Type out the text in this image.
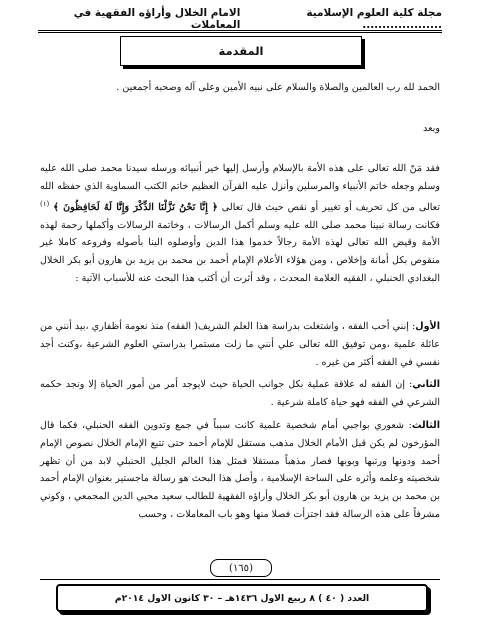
مجلة كلية العلوم الإسلامية ....................
الامام الخلال وأراؤه الفقهية في المعاملات
المقدمة
الحمد لله رب العالمين والصلاة والسلام على نبيه الأمين وعلى آله وصحبه أجمعين .
وبعد
فقد مَنّ الله تعالى على هذه الأمة بالإسلام وأرسل إليها خير أنبيائه ورسله سيدنا محمد صلى الله عليه وسلم وجعله خاتم الأنبياء والمرسلين وأنزل عليه القرآن العظيم خاتم الكتب السماوية الذي حفظه الله تعالى من كل تحريف أو تغيير أو نقص حيث قال تعالى ﴿ إِنَّا نَحْنُ نَزَّلْنَا الذِّكْرَ وَإِنَّا لَهُ لَحَافِظُونَ ﴾ $^{(١)}$ فكانت رسالة نبينا محمد صلى الله عليه وسلم أكمل الرسالات ، وخاتمة الرسالات وأكملها رحمة لهذه الأمة وقيض الله تعالى لهذه الأمة رجالاً خدموا هذا الدين وأوصلوه الينا بأصوله وفروعه كاملا غير منقوص بكل أمانة وإخلاص ، ومن هؤلاء الأعلام الإمام أحمد بن محمد بن يزيد بن هارون أبو بكر الخلال البغدادي الحنبلي ، الفقيه العلامة المحدث ، وقد أثرت أن أكتب هذا البحث عنه للأسباب الآتية :
الأول: إنني أحب الفقه ، واشتغلت بدراسة هذا العلم الشريف( الفقه) منذ نعومة أظفاري ،بيد أنني من عائلة علمية ،ومن توفيق الله تعالى علي أنني ما زلت مستمرا بدراستي العلوم الشرعية ،وكنت أجد نفسي في الفقه أكثر من غيره .
الثاني: إن الفقه له علاقة عملية بكل جوانب الحياة حيث لايوجد أمر من أمور الحياة إلا ونجد حكمه الشرعي في الفقه فهو حياة كاملة شرعية .
الثالث: شعوري بواجبي أمام شخصية علمية كانت سبباً في جمع وتدوين الفقه الحنبلي، فكما قال المؤرخون لم يكن قبل الأمام الخلال مذهب مستقل للإمام أحمد حتى تتبع الإمام الخلال نصوص الإمام أحمد ودونها ورتبها وبوبها فصار مذهباً مستقلا فمثل هذا العالم الجليل الحنبلي لابد من أن تظهر شخصيته وعلمه وأثره على الساحة الإسلامية ، وأصل هذا البحث هو رسالة ماجستير بعنوان الإمام أحمد بن محمد بن يزيد بن هارون أبو بكر الخلال وأراؤه الفقهية للطالب سعيد محيي الدين المجمعي ، وكوني مشرفاً على هذه الرسالة فقد اجتزأت فصلا منها وهو باب المعاملات ، وحسب
(١٦٥)
العدد ( ٤٠ ) ٨ ربيع الاول ١٤٣٦هـ – ٣٠ كانون الاول ٢٠١٤م
